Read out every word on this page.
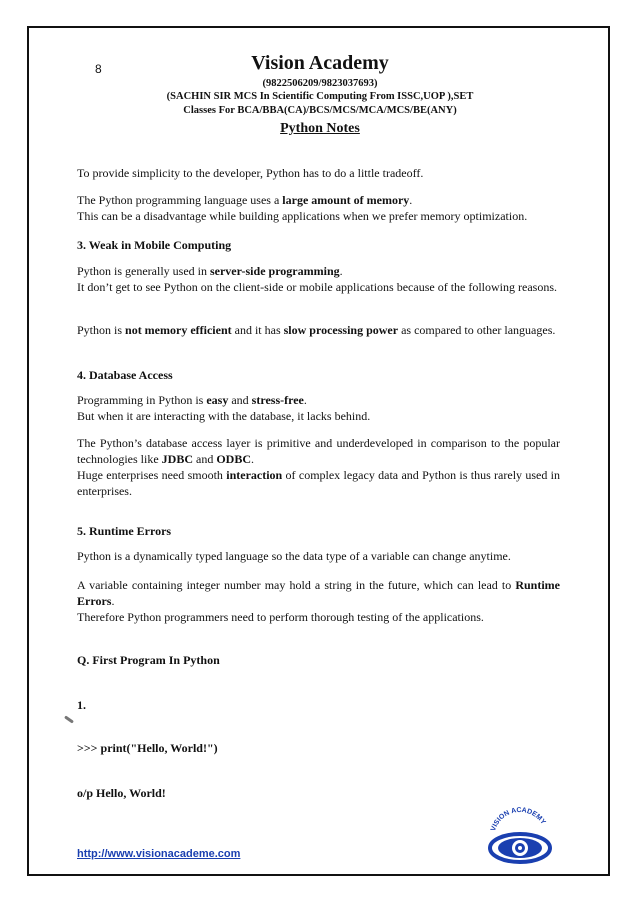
8	Vision Academy
(9822506209/9823037693)
(SACHIN SIR MCS In Scientific Computing From ISSC,UOP ),SET
Classes For BCA/BBA(CA)/BCS/MCS/MCA/MCS/BE(ANY)
Python Notes

To provide simplicity to the developer, Python has to do a little tradeoff.

The Python programming language uses a large amount of memory.
This can be a disadvantage while building applications when we prefer memory optimization.

3. Weak in Mobile Computing

Python is generally used in server-side programming.
It don’t get to see Python on the client-side or mobile applications because of the following reasons.

Python is not memory efficient and it has slow processing power as compared to other languages.

4. Database Access

Programming in Python is easy and stress-free.
But when it are interacting with the database, it lacks behind.

The Python’s database access layer is primitive and underdeveloped in comparison to the popular technologies like JDBC and ODBC.
Huge enterprises need smooth interaction of complex legacy data and Python is thus rarely used in enterprises.

5. Runtime Errors

Python is a dynamically typed language so the data type of a variable can change anytime.

A variable containing integer number may hold a string in the future, which can lead to Runtime Errors.
Therefore Python programmers need to perform thorough testing of the applications.

Q. First Program In Python

1.

>>> print("Hello, World!")

o/p Hello, World!

http://www.visionacademe.com
VISION ACADEMY
